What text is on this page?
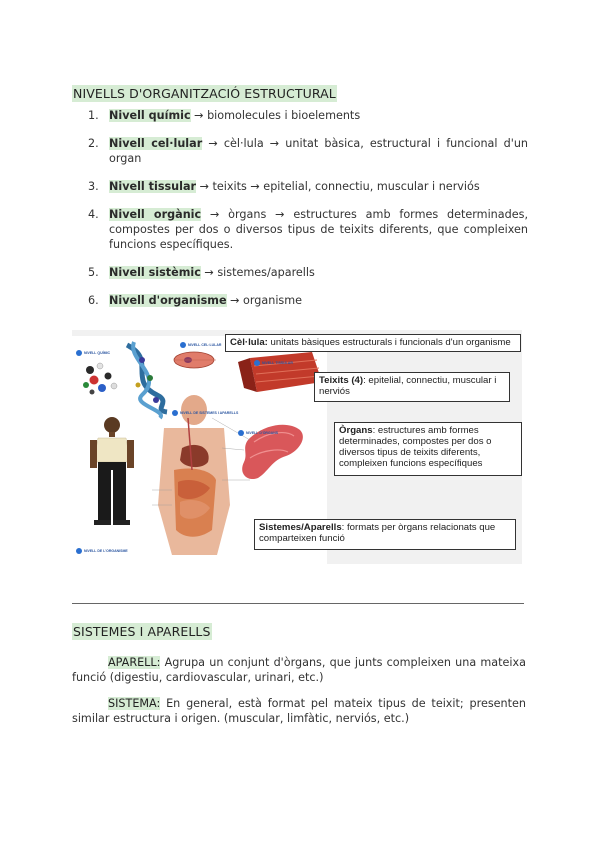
NIVELLS D'ORGANITZACIÓ ESTRUCTURAL
1. Nivell químic → biomolecules i bioelements
2. Nivell cel·lular → cèl·lula → unitat bàsica, estructural i funcional d'un organ
3. Nivell tissular → teixits → epitelial, connectiu, muscular i nerviós
4. Nivell orgànic → òrgans → estructures amb formes determinades, compostes per dos o diversos tipus de teixits diferents, que compleixen funcions específiques.
5. Nivell sistèmic → sistemes/aparells
6. Nivell d'organisme → organisme
NIVELL QUÍMIC
NIVELL CEL·LULAR
NIVELL TISSULAR
NIVELL DE SISTEMES I APARELLS
NIVELL D'ÒRGANS
NIVELL DE L'ORGANISME
Cèl·lula: unitats bàsiques estructurals i funcionals d'un organisme
Teixits (4): epitelial, connectiu, muscular i nerviós
Òrgans: estructures amb formes determinades, compostes per dos o diversos tipus de teixits diferents, compleixen funcions específiques
Sistemes/Aparells: formats per òrgans relacionats que comparteixen funció
SISTEMES I APARELLS
APARELL: Agrupa un conjunt d'òrgans, que junts compleixen una mateixa funció (digestiu, cardiovascular, urinari, etc.)
SISTEMA: En general, està format pel mateix tipus de teixit; presenten similar estructura i origen. (muscular, limfàtic, nerviós, etc.)
